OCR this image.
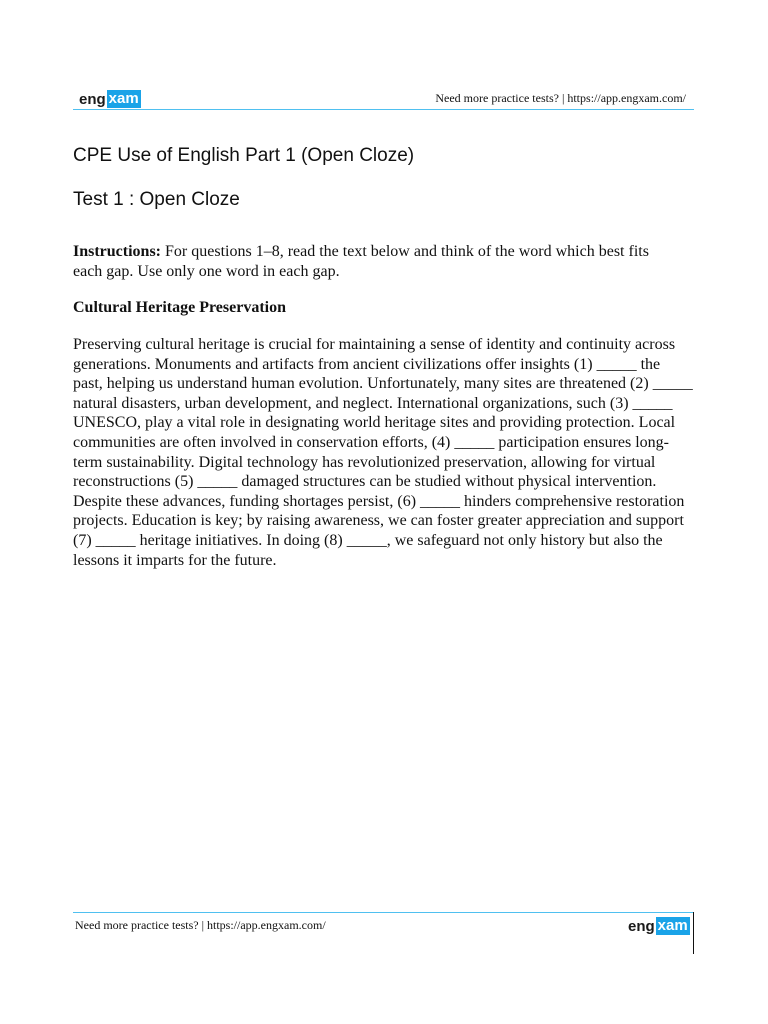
eng xam	Need more practice tests? | https://app.engxam.com/
CPE Use of English Part 1 (Open Cloze)
Test 1 : Open Cloze

Instructions: For questions 1–8, read the text below and think of the word which best fits each gap. Use only one word in each gap.

Cultural Heritage Preservation

Preserving cultural heritage is crucial for maintaining a sense of identity and continuity across generations. Monuments and artifacts from ancient civilizations offer insights (1) _____ the past, helping us understand human evolution. Unfortunately, many sites are threatened (2) _____ natural disasters, urban development, and neglect. International organizations, such (3) _____ UNESCO, play a vital role in designating world heritage sites and providing protection. Local communities are often involved in conservation efforts, (4) _____ participation ensures long-term sustainability. Digital technology has revolutionized preservation, allowing for virtual reconstructions (5) _____ damaged structures can be studied without physical intervention. Despite these advances, funding shortages persist, (6) _____ hinders comprehensive restoration projects. Education is key; by raising awareness, we can foster greater appreciation and support (7) _____ heritage initiatives. In doing (8) _____, we safeguard not only history but also the lessons it imparts for the future.

Need more practice tests? | https://app.engxam.com/	eng xam
